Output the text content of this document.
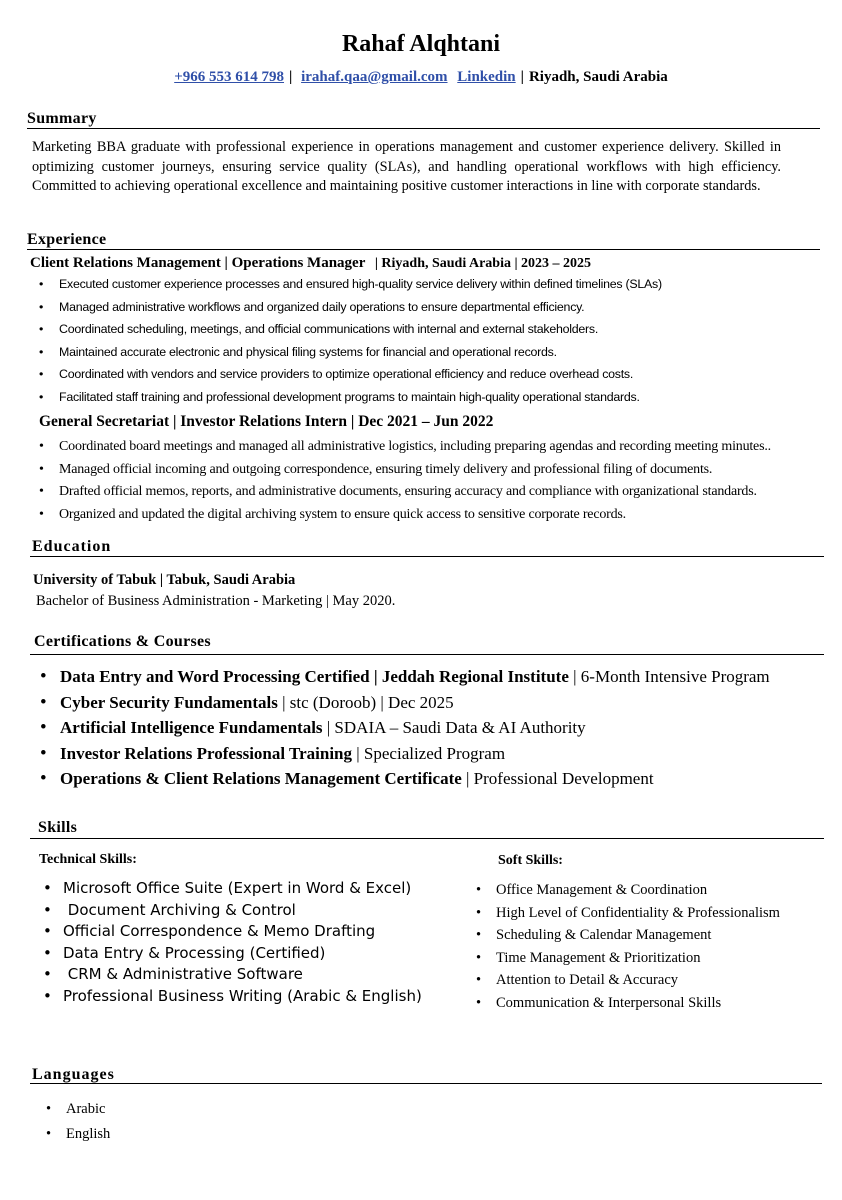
Rahaf Alqhtani
+966 553 614 798 | irahaf.qaa@gmail.com Linkedin | Riyadh, Saudi Arabia
Summary
Marketing BBA graduate with professional experience in operations management and customer experience delivery. Skilled in optimizing customer journeys, ensuring service quality (SLAs), and handling operational workflows with high efficiency. Committed to achieving operational excellence and maintaining positive customer interactions in line with corporate standards.
Experience
Client Relations Management | Operations Manager | Riyadh, Saudi Arabia | 2023 – 2025
• Executed customer experience processes and ensured high-quality service delivery within defined timelines (SLAs)
• Managed administrative workflows and organized daily operations to ensure departmental efficiency.
• Coordinated scheduling, meetings, and official communications with internal and external stakeholders.
• Maintained accurate electronic and physical filing systems for financial and operational records.
• Coordinated with vendors and service providers to optimize operational efficiency and reduce overhead costs.
• Facilitated staff training and professional development programs to maintain high-quality operational standards.
General Secretariat | Investor Relations Intern | Dec 2021 – Jun 2022
• Coordinated board meetings and managed all administrative logistics, including preparing agendas and recording meeting minutes..
• Managed official incoming and outgoing correspondence, ensuring timely delivery and professional filing of documents.
• Drafted official memos, reports, and administrative documents, ensuring accuracy and compliance with organizational standards.
• Organized and updated the digital archiving system to ensure quick access to sensitive corporate records.
Education
University of Tabuk | Tabuk, Saudi Arabia
Bachelor of Business Administration - Marketing | May 2020.
Certifications & Courses
• Data Entry and Word Processing Certified | Jeddah Regional Institute | 6-Month Intensive Program
• Cyber Security Fundamentals | stc (Doroob) | Dec 2025
• Artificial Intelligence Fundamentals | SDAIA – Saudi Data & AI Authority
• Investor Relations Professional Training | Specialized Program
• Operations & Client Relations Management Certificate | Professional Development
Skills
Technical Skills:
• Microsoft Office Suite (Expert in Word & Excel)
•  Document Archiving & Control
• Official Correspondence & Memo Drafting
• Data Entry & Processing (Certified)
•  CRM & Administrative Software
• Professional Business Writing (Arabic & English)
Soft Skills:
• Office Management & Coordination
• High Level of Confidentiality & Professionalism
• Scheduling & Calendar Management
• Time Management & Prioritization
• Attention to Detail & Accuracy
• Communication & Interpersonal Skills
Languages
• Arabic
• English
